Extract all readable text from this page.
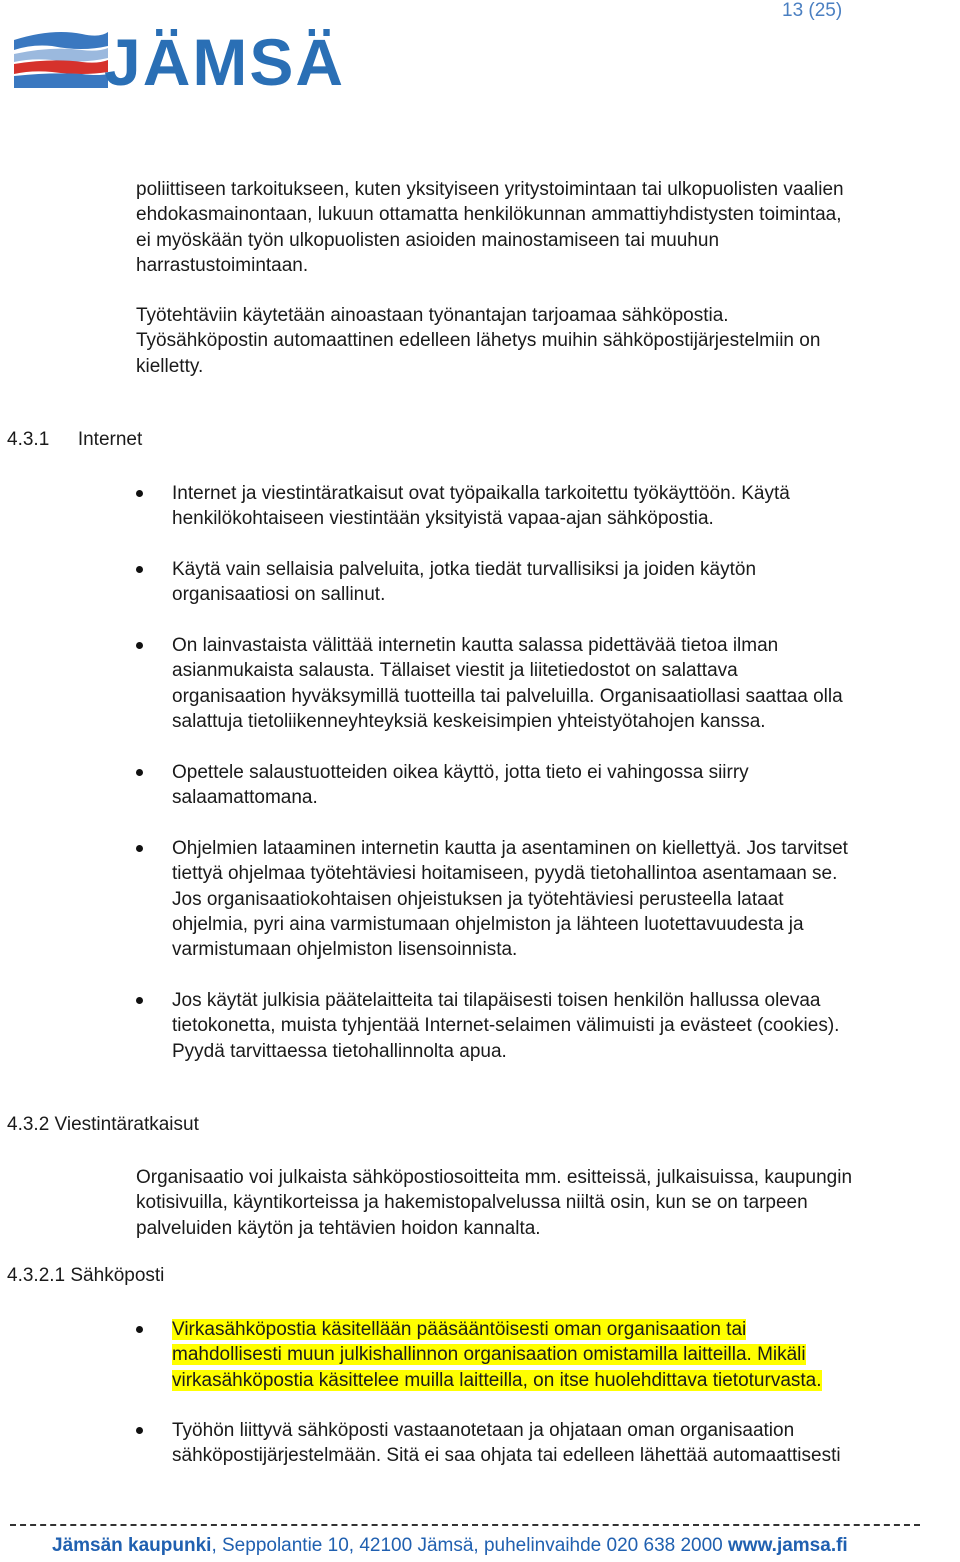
13 (25)
JÄMSÄ
poliittiseen tarkoitukseen, kuten yksityiseen yritystoimintaan tai ulkopuolisten vaalien
ehdokasmainontaan, lukuun ottamatta henkilökunnan ammattiyhdistysten toimintaa,
ei myöskään työn ulkopuolisten asioiden mainostamiseen tai muuhun
harrastustoimintaan.
Työtehtäviin käytetään ainoastaan työnantajan tarjoamaa sähköpostia.
Työsähköpostin automaattinen edelleen lähetys muihin sähköpostijärjestelmiin on
kielletty.
4.3.1 Internet
Internet ja viestintäratkaisut ovat työpaikalla tarkoitettu työkäyttöön. Käytä
henkilökohtaiseen viestintään yksityistä vapaa-ajan sähköpostia.
Käytä vain sellaisia palveluita, jotka tiedät turvallisiksi ja joiden käytön
organisaatiosi on sallinut.
On lainvastaista välittää internetin kautta salassa pidettävää tietoa ilman
asianmukaista salausta. Tällaiset viestit ja liitetiedostot on salattava
organisaation hyväksymillä tuotteilla tai palveluilla. Organisaatiollasi saattaa olla
salattuja tietoliikenneyhteyksiä keskeisimpien yhteistyötahojen kanssa.
Opettele salaustuotteiden oikea käyttö, jotta tieto ei vahingossa siirry
salaamattomana.
Ohjelmien lataaminen internetin kautta ja asentaminen on kiellettyä. Jos tarvitset
tiettyä ohjelmaa työtehtäviesi hoitamiseen, pyydä tietohallintoa asentamaan se.
Jos organisaatiokohtaisen ohjeistuksen ja työtehtäviesi perusteella lataat
ohjelmia, pyri aina varmistumaan ohjelmiston ja lähteen luotettavuudesta ja
varmistumaan ohjelmiston lisensoinnista.
Jos käytät julkisia päätelaitteita tai tilapäisesti toisen henkilön hallussa olevaa
tietokonetta, muista tyhjentää Internet-selaimen välimuisti ja evästeet (cookies).
Pyydä tarvittaessa tietohallinnolta apua.
4.3.2 Viestintäratkaisut
Organisaatio voi julkaista sähköpostiosoitteita mm. esitteissä, julkaisuissa, kaupungin
kotisivuilla, käyntikorteissa ja hakemistopalvelussa niiltä osin, kun se on tarpeen
palveluiden käytön ja tehtävien hoidon kannalta.
4.3.2.1 Sähköposti
Virkasähköpostia käsitellään pääsääntöisesti oman organisaation tai
mahdollisesti muun julkishallinnon organisaation omistamilla laitteilla. Mikäli
virkasähköpostia käsittelee muilla laitteilla, on itse huolehdittava tietoturvasta.
Työhön liittyvä sähköposti vastaanotetaan ja ohjataan oman organisaation
sähköpostijärjestelmään. Sitä ei saa ohjata tai edelleen lähettää automaattisesti
Jämsän kaupunki, Seppolantie 10, 42100 Jämsä, puhelinvaihde 020 638 2000 www.jamsa.fi
